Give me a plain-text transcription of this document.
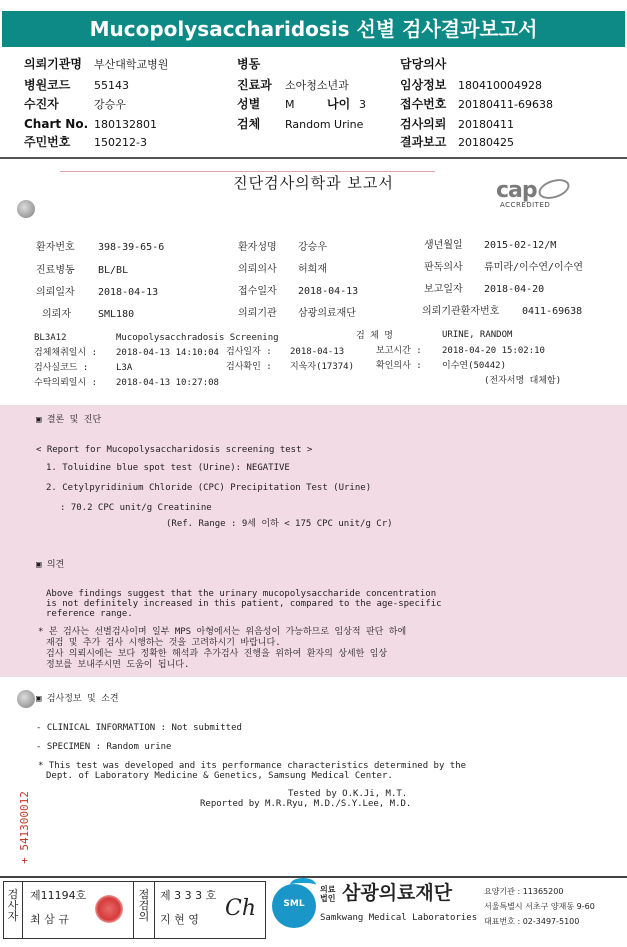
Mucopolysaccharidosis 선별 검사결과보고서
의뢰기관명 부산대학교병원
병원코드 55143
수진자	강승우
Chart No. 180132801
주민번호 150212-3
병동
진료과 소아청소년과
성별 M	나이 3
검체 Random Urine
담당의사
임상정보 180410004928
접수번호 20180411-69638
검사의뢰 20180411
결과보고 20180425
진단검사의학과 보고서	cap
ACCREDITED
환자번호 398-39-65-6	환자성명 강승우	생년월일 2015-02-12/M
진료병동 BL/BL	의뢰의사 허희재	판독의사 류미라/이수연/이수연
의뢰일자 2018-04-13	접수일자 2018-04-13	보고일자 2018-04-20
의뢰자	SML180	의뢰기관 삼광의료재단	의뢰기관환자번호 0411-69638
BL3A12	Mucopolysacchradosis Screening	검 체 명	URINE, RANDOM
검체채취일시 : 2018-04-13 14:10:04 검사일자 : 2018-04-13	보고시간 : 2018-04-20 15:02:10
검사실코드 :	L3A	검사확인 : 지욱자(17374) 확인의사 : 이수연(50442)
수탁의뢰일시 : 2018-04-13 10:27:08	(전자서명 대체함)
▣ 결론 및 진단
< Report for Mucopolysaccharidosis screening test >
1. Toluidine blue spot test (Urine): NEGATIVE
2. Cetylpyridinium Chloride (CPC) Precipitation Test (Urine)
: 70.2 CPC unit/g Creatinine
(Ref. Range : 9세 이하 < 175 CPC unit/g Cr)
▣ 의견
Above findings suggest that the urinary mucopolysaccharide concentration
is not definitely increased in this patient, compared to the age-specific
reference range.
* 본 검사는 선별검사이며 일부 MPS 아형에서는 위음성이 가능하므로 임상적 판단 하에
재검 및 추가 검사 시행하는 것을 고려하시기 바랍니다.
검사 의뢰시에는 보다 정확한 해석과 추가검사 진행을 위하여 환자의 상세한 임상
정보를 보내주시면 도움이 됩니다.
▣ 검사정보 및 소견
- CLINICAL INFORMATION : Not submitted
- SPECIMEN : Random urine
* This test was developed and its performance characteristics determined by the
Dept. of Laboratory Medicine & Genetics, Samsung Medical Center.
Tested by O.K.Ji, M.T.
Reported by M.R.Ryu, M.D./S.Y.Lee, M.D.
+ 541300012
검사자
제11194호
최 삼 규
점검의
제 3 3 3 호
지 현 영 Ch	SML
의료
법인 삼광의료재단
Samkwang Medical Laboratories
요양기관 : 11365200
서울특별시 서초구 양재동 9-60
대표번호 : 02-3497-5100
